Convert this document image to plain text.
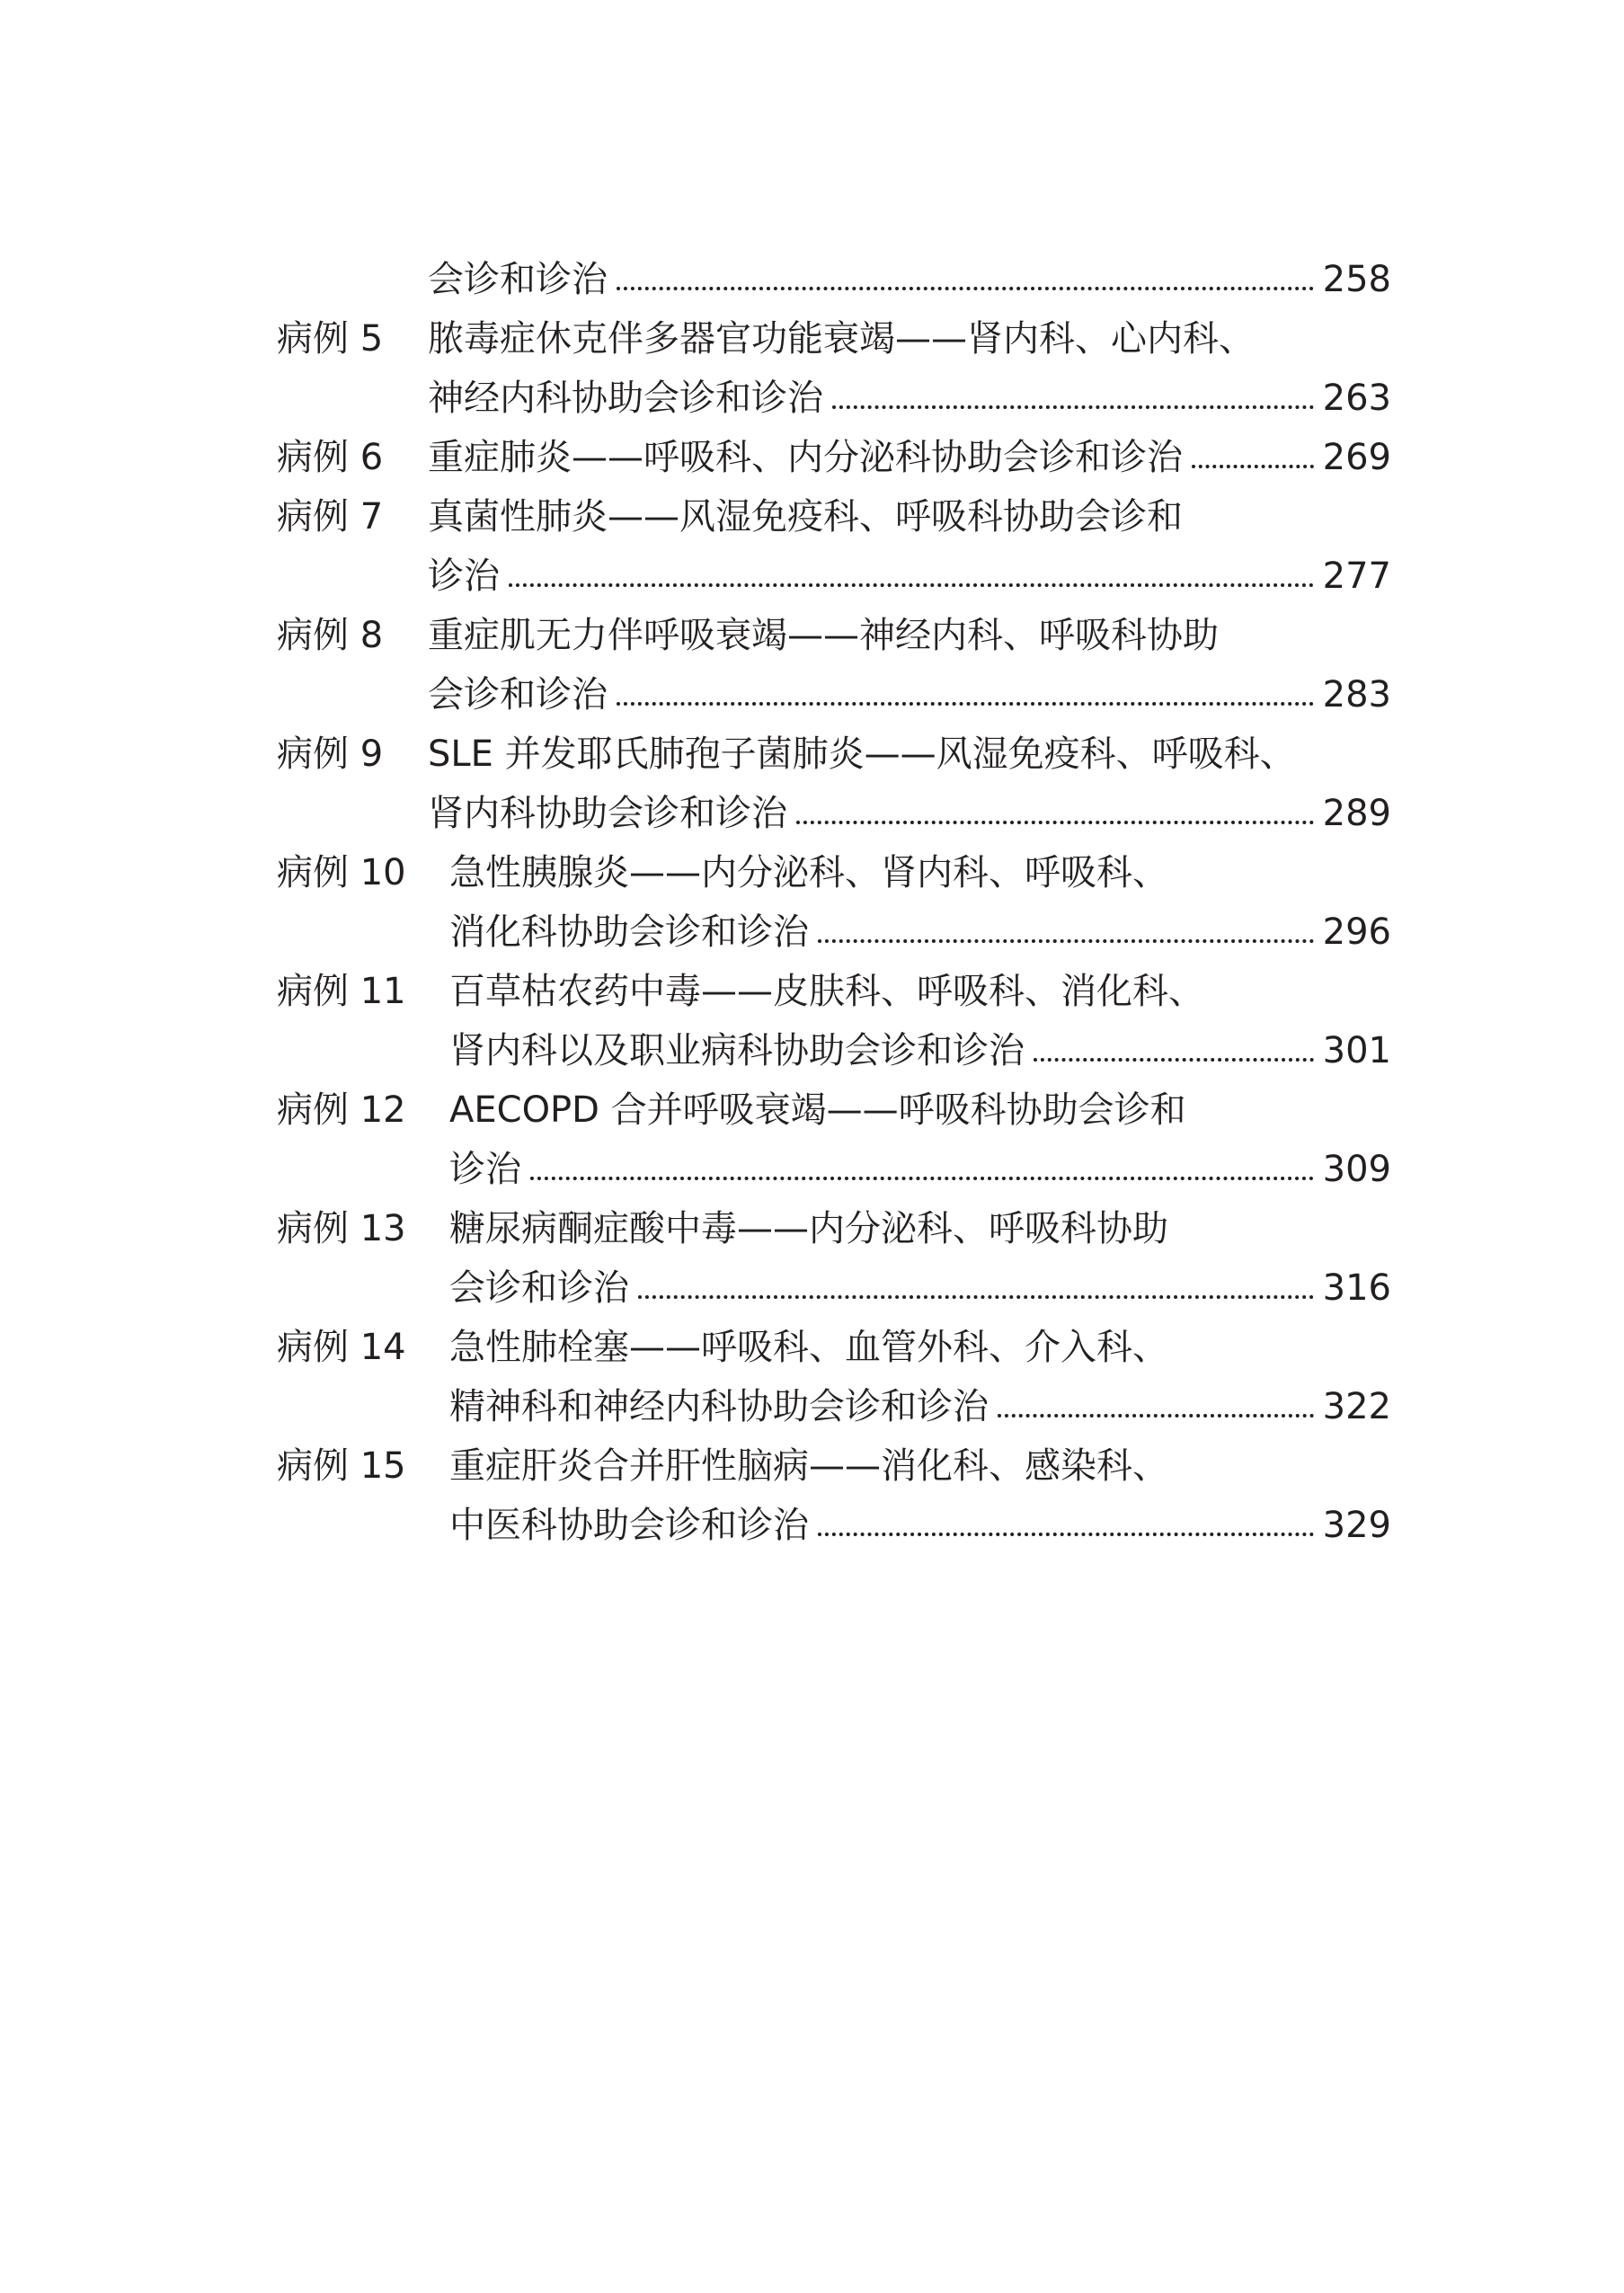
会诊和诊治	258
病例 5 脓毒症休克伴多器官功能衰竭——肾内科、心内科、
神经内科协助会诊和诊治	263
病例 6 重症肺炎——呼吸科、内分泌科协助会诊和诊治	269
病例 7 真菌性肺炎——风湿免疫科、呼吸科协助会诊和
诊治	277
病例 8 重症肌无力伴呼吸衰竭——神经内科、呼吸科协助
会诊和诊治	283
病例 9 SLE 并发耶氏肺孢子菌肺炎——风湿免疫科、呼吸科、
肾内科协助会诊和诊治	289
病例 10 急性胰腺炎——内分泌科、肾内科、呼吸科、
消化科协助会诊和诊治	296
病例 11 百草枯农药中毒——皮肤科、呼吸科、消化科、
肾内科以及职业病科协助会诊和诊治	301
病例 12 AECOPD 合并呼吸衰竭——呼吸科协助会诊和
诊治	309
病例 13 糖尿病酮症酸中毒——内分泌科、呼吸科协助
会诊和诊治	316
病例 14 急性肺栓塞——呼吸科、血管外科、介入科、
精神科和神经内科协助会诊和诊治	322
病例 15 重症肝炎合并肝性脑病——消化科、感染科、
中医科协助会诊和诊治	329
